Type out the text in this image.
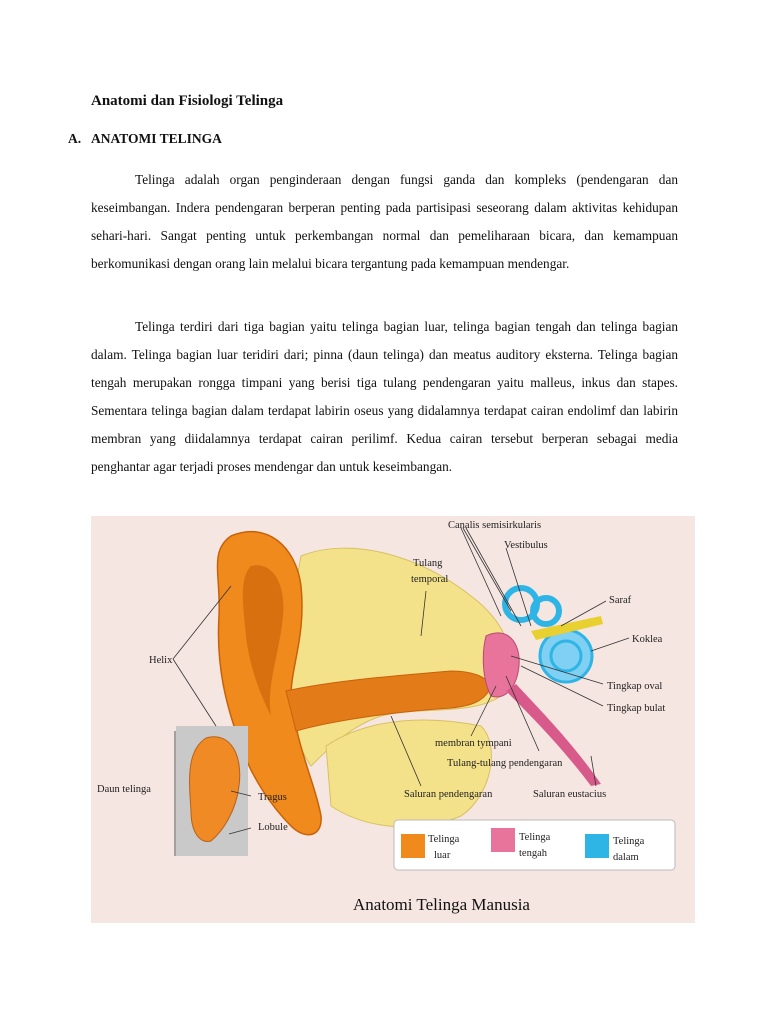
Anatomi dan Fisiologi Telinga
A. ANATOMI TELINGA

Telinga adalah organ penginderaan dengan fungsi ganda dan kompleks (pendengaran dan keseimbangan. Indera pendengaran berperan penting pada partisipasi seseorang dalam aktivitas kehidupan sehari-hari. Sangat penting untuk perkembangan normal dan pemeliharaan bicara, dan kemampuan berkomunikasi dengan orang lain melalui bicara tergantung pada kemampuan mendengar.

Telinga terdiri dari tiga bagian yaitu telinga bagian luar, telinga bagian tengah dan telinga bagian dalam. Telinga bagian luar teridiri dari; pinna (daun telinga) dan meatus auditory eksterna. Telinga bagian tengah merupakan rongga timpani yang berisi tiga tulang pendengaran yaitu malleus, inkus dan stapes. Sementara telinga bagian dalam terdapat labirin oseus yang didalamnya terdapat cairan endolimf dan labirin membran yang diidalamnya terdapat cairan perilimf. Kedua cairan tersebut berperan sebagai media penghantar agar terjadi proses mendengar dan untuk keseimbangan.

Canalis semisirkularis
Vestibulus
Tulang
temporal
Saraf
Koklea
Helix
Tingkap oval
Tingkap bulat
membran tympani
Tulang-tulang pendengaran
Daun telinga
Tragus
Lobule
Saluran pendengaran	Saluran eustacius
Telinga
luar
Telinga
tengah
Telinga
dalam
Anatomi Telinga Manusia
